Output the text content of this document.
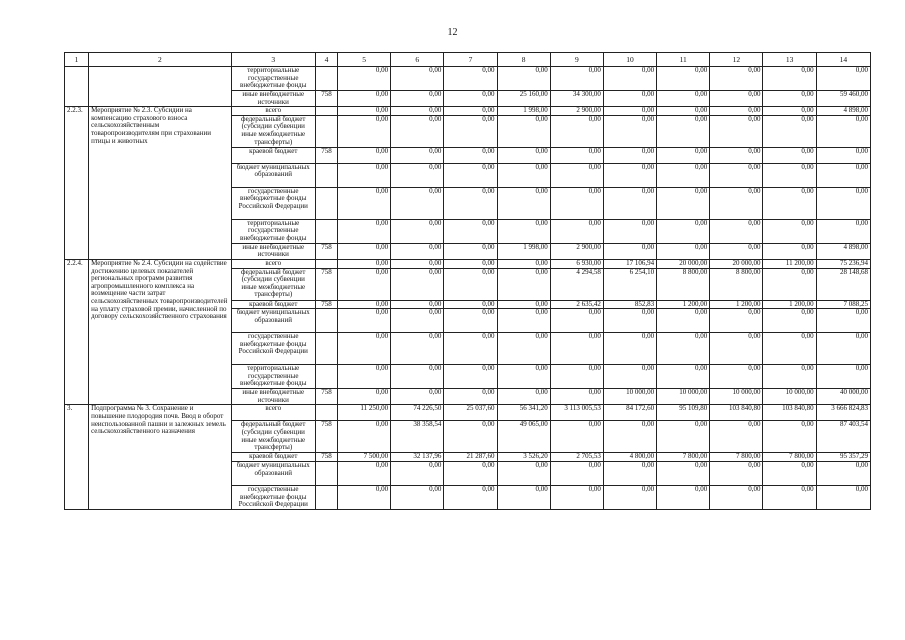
12
1	2	3	4	5	6	7	8	9	10	11	12	13	14
		территориальные государственные внебюджетные фонды		0,00	0,00	0,00	0,00	0,00	0,00	0,00	0,00	0,00	0,00
		иные внебюджетные источники	758	0,00	0,00	0,00	25 160,00	34 300,00	0,00	0,00	0,00	0,00	59 460,00
2.2.3.	Мероприятие № 2.3. Субсидии на компенсацию страхового взноса сельскохозяйственным товаропроизводителям при страховании птицы и животных	всего		0,00	0,00	0,00	1 998,00	2 900,00	0,00	0,00	0,00	0,00	4 898,00
		федеральный бюджет (субсидии субвенции иные межбюджетные трансферты)		0,00	0,00	0,00	0,00	0,00	0,00	0,00	0,00	0,00	0,00
		краевой бюджет	758	0,00	0,00	0,00	0,00	0,00	0,00	0,00	0,00	0,00	0,00
		бюджет муниципальных образований		0,00	0,00	0,00	0,00	0,00	0,00	0,00	0,00	0,00	0,00
		государственные внебюджетные фонды Российской Федерации		0,00	0,00	0,00	0,00	0,00	0,00	0,00	0,00	0,00	0,00
		территориальные государственные внебюджетные фонды		0,00	0,00	0,00	0,00	0,00	0,00	0,00	0,00	0,00	0,00
		иные внебюджетные источники	758	0,00	0,00	0,00	1 998,00	2 900,00	0,00	0,00	0,00	0,00	4 898,00
2.2.4.	Мероприятие № 2.4. Субсидии на содействие достижению целевых показателей региональных программ развития агропромышленного комплекса на возмещение части затрат сельскохозяйственных товаропроизводителей на уплату страховой премии, начисленной по договору сельскохозяйственного страхования	всего		0,00	0,00	0,00	0,00	6 930,00	17 106,94	20 000,00	20 000,00	11 200,00	75 236,94
		федеральный бюджет (субсидии субвенции иные межбюджетные трансферты)	758	0,00	0,00	0,00	0,00	4 294,58	6 254,10	8 800,00	8 800,00	0,00	28 148,68
		краевой бюджет	758	0,00	0,00	0,00	0,00	2 635,42	852,83	1 200,00	1 200,00	1 200,00	7 088,25
		бюджет муниципальных образований		0,00	0,00	0,00	0,00	0,00	0,00	0,00	0,00	0,00	0,00
		государственные внебюджетные фонды Российской Федерации		0,00	0,00	0,00	0,00	0,00	0,00	0,00	0,00	0,00	0,00
		территориальные государственные внебюджетные фонды		0,00	0,00	0,00	0,00	0,00	0,00	0,00	0,00	0,00	0,00
		иные внебюджетные источники	758	0,00	0,00	0,00	0,00	0,00	10 000,00	10 000,00	10 000,00	10 000,00	40 000,00
3.	Подпрограмма № 3. Сохранение и повышение плодородия почв. Ввод в оборот неиспользованной пашни и залежных земель сельскохозяйственного назначения	всего		11 250,00	74 226,50	25 037,60	56 341,20	3 113 005,53	84 172,60	95 109,80	103 840,80	103 840,80	3 666 824,83
		федеральный бюджет (субсидии субвенции иные межбюджетные трансферты)	758	0,00	38 358,54	0,00	49 065,00	0,00	0,00	0,00	0,00	0,00	87 403,54
		краевой бюджет	758	7 500,00	32 137,96	21 287,60	3 526,20	2 705,53	4 800,00	7 800,00	7 800,00	7 800,00	95 357,29
		бюджет муниципальных образований		0,00	0,00	0,00	0,00	0,00	0,00	0,00	0,00	0,00	0,00
		государственные внебюджетные фонды Российской Федерации		0,00	0,00	0,00	0,00	0,00	0,00	0,00	0,00	0,00	0,00
